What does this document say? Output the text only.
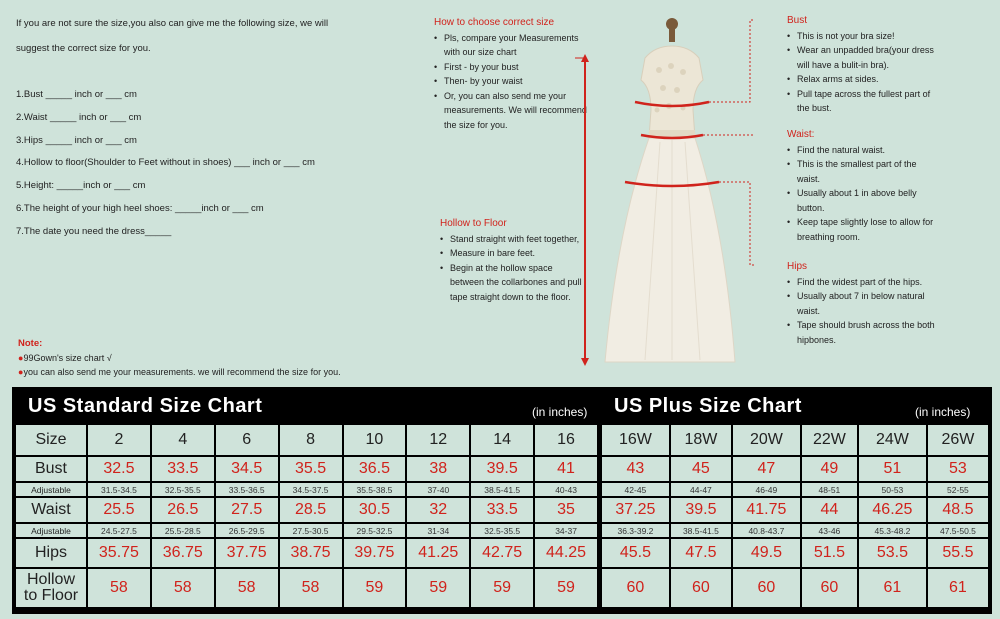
If you are not sure the size,you also can give me the following size, we will
suggest the correct size for you.
1.Bust _____ inch or ___ cm
2.Waist _____ inch or ___ cm
3.Hips _____ inch or ___ cm
4.Hollow to floor(Shoulder to Feet without in shoes) ___ inch or ___ cm
5.Height: _____inch or ___ cm
6.The height of your high heel shoes: _____inch or ___ cm
7.The date you need the dress_____
Note:
●99Gown's size chart √
●you can also send me your measurements. we will recommend the size for you.
How to choose correct size
• Pls, compare your Measurements with our size chart
• First - by your bust
• Then- by your waist
• Or, you can also send me your measurements. We will recommend the size for you.
Hollow to Floor
• Stand straight with feet together,
• Measure in bare feet.
• Begin at the hollow space between the collarbones and pull tape straight down to the floor.
Bust
• This is not your bra size!
• Wear an unpadded bra(your dress will have a bulit-in bra).
• Relax arms at sides.
• Pull tape across the fullest part of the bust.
Waist:
• Find the natural waist.
• This is the smallest part of the waist.
• Usually about 1 in above belly button.
• Keep tape slightly lose to allow for breathing room.
Hips
• Find the widest part of the hips.
• Usually about 7 in below natural waist.
• Tape should brush across the both hipbones.
US Standard Size Chart	(in inches) US Plus Size Chart	(in inches)
Size	2	4	6	8	10	12	14	16
Bust	32.5	33.5	34.5	35.5	36.5	38	39.5	41
Adjustable	31.5-34.5	32.5-35.5	33.5-36.5	34.5-37.5	35.5-38.5	37-40	38.5-41.5	40-43
Waist	25.5	26.5	27.5	28.5	30.5	32	33.5	35
Adjustable	24.5-27.5	25.5-28.5	26.5-29.5	27.5-30.5	29.5-32.5	31-34	32.5-35.5	34-37
Hips	35.75	36.75	37.75	38.75	39.75	41.25	42.75	44.25
Hollow
to Floor	58	58	58	58	59	59	59	59
16W	18W	20W	22W	24W	26W
43	45	47	49	51	53
42-45	44-47	46-49	48-51	50-53	52-55
37.25	39.5	41.75	44	46.25	48.5
36.3-39.2	38.5-41.5	40.8-43.7	43-46	45.3-48.2	47.5-50.5
45.5	47.5	49.5	51.5	53.5	55.5
60	60	60	60	61	61
